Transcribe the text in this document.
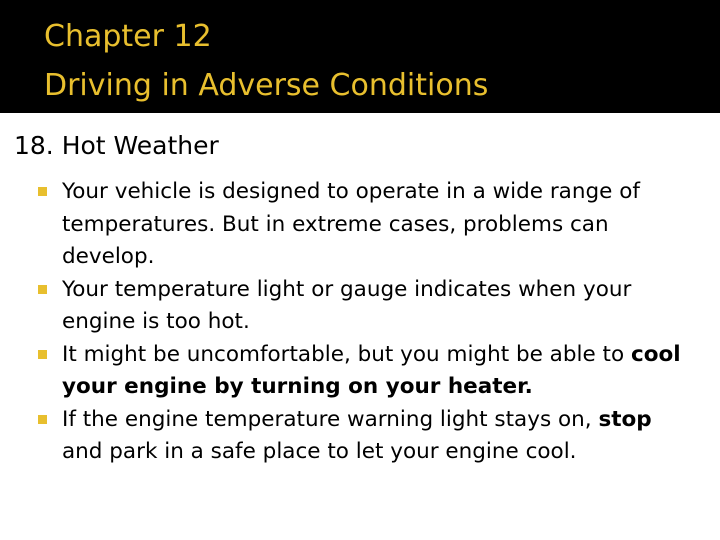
Chapter 12
Driving in Adverse Conditions
18. Hot Weather
Your vehicle is designed to operate in a wide range of temperatures. But in extreme cases, problems can develop.
Your temperature light or gauge indicates when your engine is too hot.
It might be uncomfortable, but you might be able to cool your engine by turning on your heater.
If the engine temperature warning light stays on, stop and park in a safe place to let your engine cool.
